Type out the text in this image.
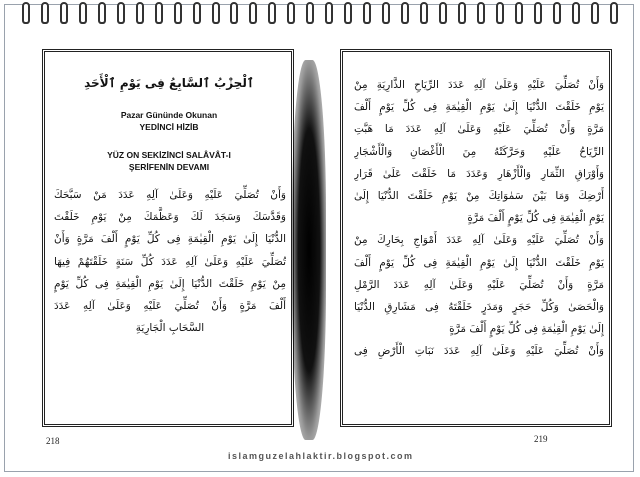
ٱلْحِزْبُ ٱلسَّابِعُ فِى يَوْمِ ٱلْأَحَدِ
Pazar Gününde Okunan
YEDİNCİ HİZİB
YÜZ ON SEKİZİNCİ SALÂVÂT-I
ŞERİFENİN DEVAMI
وَأَنْ تُصَلِّيَ عَلَيْهِ وَعَلَىٰ آلِهِ عَدَدَ مَنْ سَبَّحَكَ
وَقَدَّسَكَ وَسَجَدَ لَكَ وَعَظَّمَكَ مِنْ يَوْمِ خَلَقْتَ
الدُّنْيَا إِلَىٰ يَوْمِ الْقِيٰمَةِ فِى كُلِّ يَوْمٍ أَلْفَ مَرَّةٍ وَأَنْ
تُصَلِّيَ عَلَيْهِ وَعَلَىٰ آلِهِ عَدَدَ كُلِّ سَنَةٍ خَلَقْتَهُمْ فِيهَا
مِنْ يَوْمِ خَلَقْتَ الدُّنْيَا إِلَىٰ يَوْمِ الْقِيٰمَةِ فِى كُلِّ يَوْمٍ
أَلْفَ مَرَّةٍ وَأَنْ تُصَلِّيَ عَلَيْهِ وَعَلَىٰ آلِهِ عَدَدَ
السَّحَابِ الْجَارِيَةِ
218
وَأَنْ تُصَلِّيَ عَلَيْهِ وَعَلَىٰ آلِهِ عَدَدَ الرِّيَاحِ الذَّارِيَةِ مِنْ
يَوْمِ خَلَقْتَ الدُّنْيَا إِلَىٰ يَوْمِ الْقِيٰمَةِ فِى كُلِّ يَوْمٍ أَلْفَ
مَرَّةٍ وَأَنْ تُصَلِّيَ عَلَيْهِ وَعَلَىٰ آلِهِ عَدَدَ مَا هَبَّتِ
الرِّيَاحُ عَلَيْهِ وَحَرَّكَتْهُ مِنَ الْأَغْصَانِ وَالْأَشْجَارِ
وَأَوْرَاقِ الثِّمَارِ وَالْأَزْهَارِ وَعَدَدَ مَا خَلَقْتَ عَلَىٰ قَرَارِ
أَرْضِكَ وَمَا بَيْنَ سَمٰوَاتِكَ مِنْ يَوْمِ خَلَقْتَ الدُّنْيَا إِلَىٰ
يَوْمِ الْقِيٰمَةِ فِى كُلِّ يَوْمٍ أَلْفَ مَرَّةٍ
وَأَنْ تُصَلِّيَ عَلَيْهِ وَعَلَىٰ آلِهِ عَدَدَ أَمْوَاجِ بِحَارِكَ مِنْ
يَوْمِ خَلَقْتَ الدُّنْيَا إِلَىٰ يَوْمِ الْقِيٰمَةِ فِى كُلِّ يَوْمٍ أَلْفَ
مَرَّةٍ وَأَنْ تُصَلِّيَ عَلَيْهِ وَعَلَىٰ آلِهِ عَدَدَ الرَّمْلِ
وَالْحَصَىٰ وَكُلِّ حَجَرٍ وَمَدَرٍ خَلَقْتَهُ فِى مَشَارِقِ الدُّنْيَا
إِلَىٰ يَوْمِ الْقِيٰمَةِ فِى كُلِّ يَوْمٍ أَلْفَ مَرَّةٍ
وَأَنْ تُصَلِّيَ عَلَيْهِ وَعَلَىٰ آلِهِ عَدَدَ نَبَاتِ الْأَرْضِ فِى
219
islamguzelahlaktir.blogspot.com
